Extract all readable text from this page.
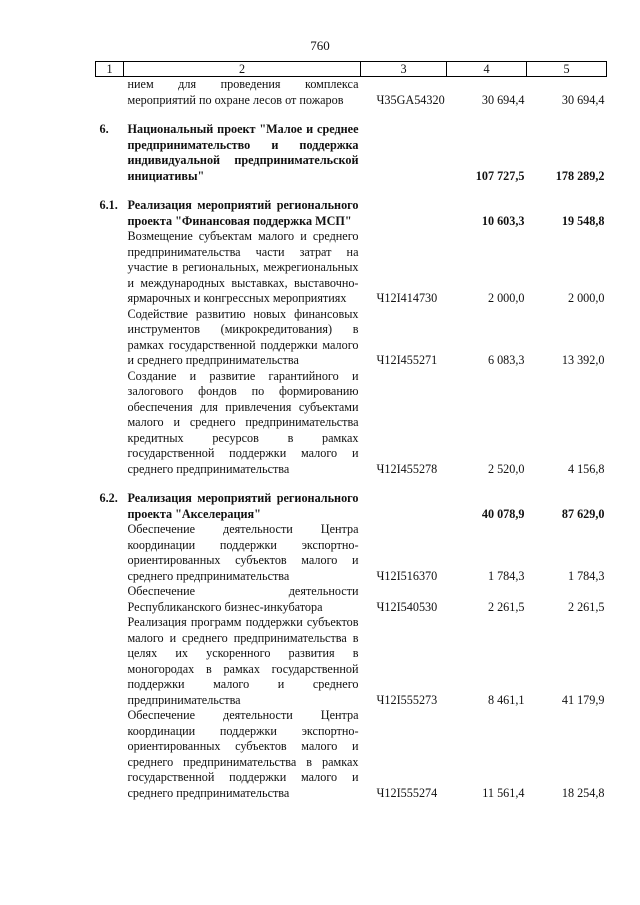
760
1	2	3	4	5
	нием для проведения комплекса мероприятий по охране лесов от пожаров	Ч35GA54320	30 694,4	30 694,4

6.	Национальный проект "Малое и среднее предпринимательство и поддержка индивидуальной предпринимательской инициативы"		107 727,5	178 289,2

6.1.	Реализация мероприятий регионального проекта "Финансовая поддержка МСП"		10 603,3	19 548,8
	Возмещение субъектам малого и среднего предпринимательства части затрат на участие в региональных, межрегиональных и международных выставках, выставочно-ярмарочных и конгрессных мероприятиях	Ч12I414730	2 000,0	2 000,0
	Содействие развитию новых финансовых инструментов (микрокредитования) в рамках государственной поддержки малого и среднего предпринимательства	Ч12I455271	6 083,3	13 392,0
	Создание и развитие гарантийного и залогового фондов по формированию обеспечения для привлечения субъектами малого и среднего предпринимательства кредитных ресурсов в рамках государственной поддержки малого и среднего предпринимательства	Ч12I455278	2 520,0	4 156,8

6.2.	Реализация мероприятий регионального проекта "Акселерация"		40 078,9	87 629,0
	Обеспечение деятельности Центра координации поддержки экспортно-ориентированных субъектов малого и среднего предпринимательства	Ч12I516370	1 784,3	1 784,3
	Обеспечение деятельности Республиканского бизнес-инкубатора	Ч12I540530	2 261,5	2 261,5
	Реализация программ поддержки субъектов малого и среднего предпринимательства в целях их ускоренного развития в моногородах в рамках государственной поддержки малого и среднего предпринимательства	Ч12I555273	8 461,1	41 179,9
	Обеспечение деятельности Центра координации поддержки экспортно-ориентированных субъектов малого и среднего предпринимательства в рамках государственной поддержки малого и среднего предпринимательства	Ч12I555274	11 561,4	18 254,8
